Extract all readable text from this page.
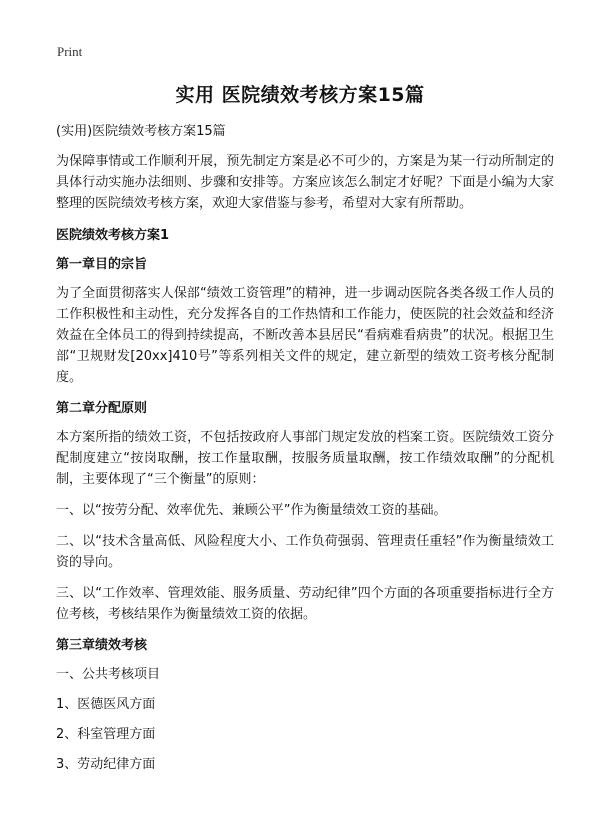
Print
实用 医院绩效考核方案15篇

(实用)医院绩效考核方案15篇

为保障事情或工作顺利开展，预先制定方案是必不可少的，方案是为某一行动所制定的具体行动实施办法细则、步骤和安排等。方案应该怎么制定才好呢？下面是小编为大家整理的医院绩效考核方案，欢迎大家借鉴与参考，希望对大家有所帮助。

医院绩效考核方案1
第一章目的宗旨

为了全面贯彻落实人保部“绩效工资管理”的精神，进一步调动医院各类各级工作人员的工作积极性和主动性，充分发挥各自的工作热情和工作能力，使医院的社会效益和经济效益在全体员工的得到持续提高，不断改善本县居民“看病难看病贵”的状况。根据卫生部“卫规财发[20xx]410号”等系列相关文件的规定，建立新型的绩效工资考核分配制度。

第二章分配原则

本方案所指的绩效工资，不包括按政府人事部门规定发放的档案工资。医院绩效工资分配制度建立“按岗取酬，按工作量取酬，按服务质量取酬，按工作绩效取酬”的分配机制，主要体现了“三个衡量”的原则：

一、以“按劳分配、效率优先、兼顾公平”作为衡量绩效工资的基础。

二、以“技术含量高低、风险程度大小、工作负荷强弱、管理责任重轻”作为衡量绩效工资的导向。

三、以“工作效率、管理效能、服务质量、劳动纪律”四个方面的各项重要指标进行全方位考核，考核结果作为衡量绩效工资的依据。

第三章绩效考核

一、公共考核项目

1、医德医风方面

2、科室管理方面

3、劳动纪律方面
